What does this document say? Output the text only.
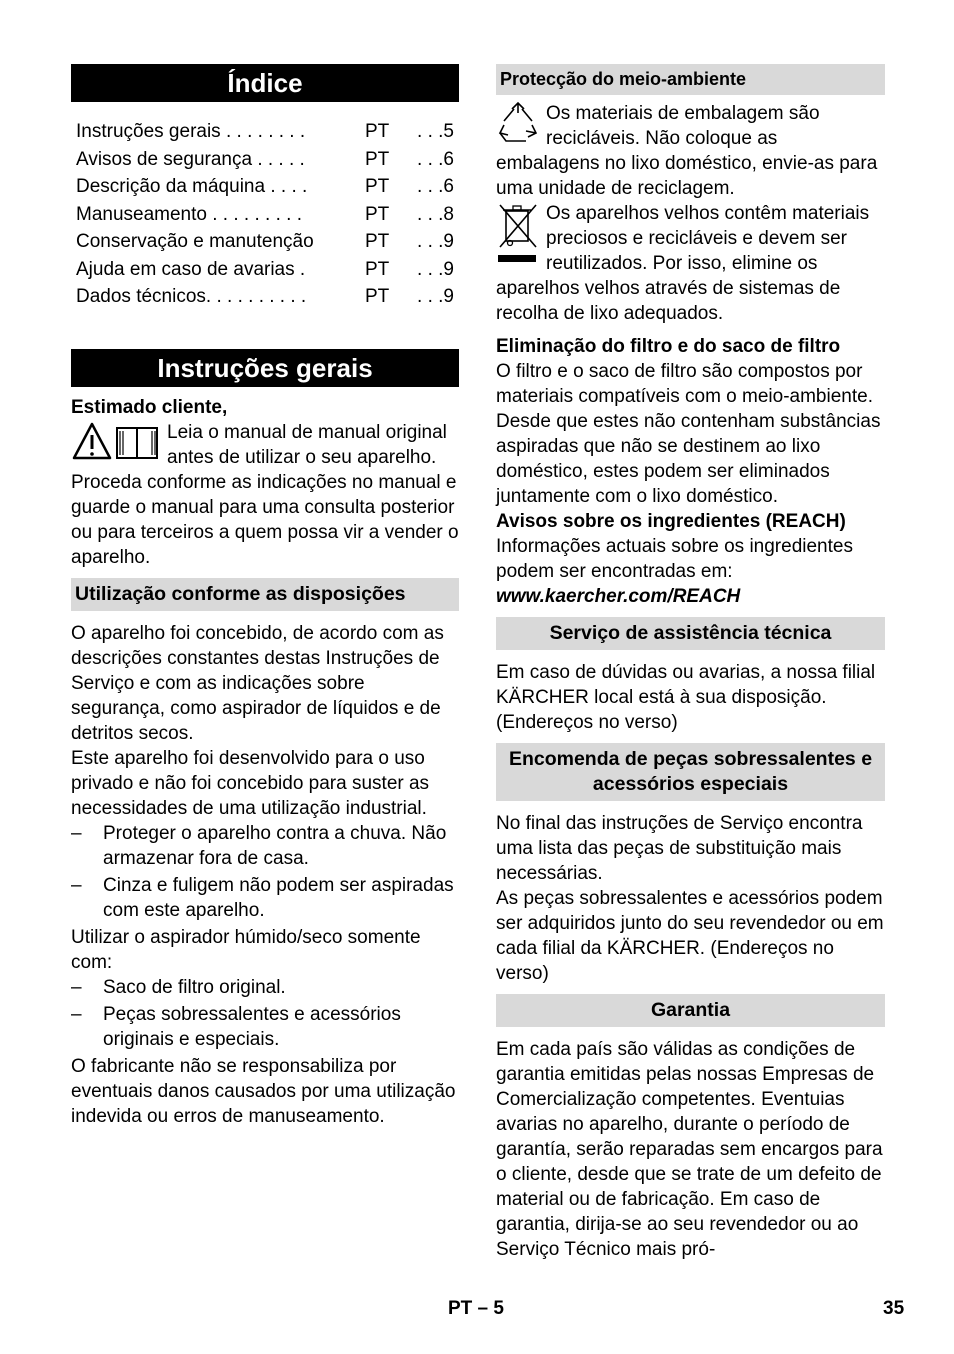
Índice
Instruções gerais . . . . . . . .	PT	. . .5
Avisos de segurança . . . . .	PT	. . .6
Descrição da máquina . . . .	PT	. . .6
Manuseamento . . . . . . . . .	PT	. . .8
Conservação e manutenção	PT	. . .9
Ajuda em caso de avarias .	PT	. . .9
Dados técnicos. . . . . . . . . .	PT	. . .9
Instruções gerais

Estimado cliente,

Leia o manual de manual original antes de utilizar o seu aparelho. Proceda conforme as indicações no manual e guarde o manual para uma consulta posterior ou para terceiros a quem possa vir a vender o aparelho.

Utilização conforme as disposições

O aparelho foi concebido, de acordo com as descrições constantes destas Instruções de Serviço e com as indicações sobre segurança, como aspirador de líquidos e de detritos secos.

Este aparelho foi desenvolvido para o uso privado e não foi concebido para suster as necessidades de uma utilização industrial.

– Proteger o aparelho contra a chuva. Não armazenar fora de casa.
– Cinza e fuligem não podem ser aspiradas com este aparelho.

Utilizar o aspirador húmido/seco somente com:

– Saco de filtro original.
– Peças sobressalentes e acessórios originais e especiais.

O fabricante não se responsabiliza por eventuais danos causados por uma utilização indevida ou erros de manuseamento.

Protecção do meio-ambiente

Os materiais de embalagem são recicláveis. Não coloque as embalagens no lixo doméstico, envie-as para uma unidade de reciclagem.

Os aparelhos velhos contêm materiais preciosos e recicláveis e devem ser reutilizados. Por isso, elimine os aparelhos velhos através de sistemas de recolha de lixo adequados.

Eliminação do filtro e do saco de filtro

O filtro e o saco de filtro são compostos por materiais compatíveis com o meio-ambiente.

Desde que estes não contenham substâncias aspiradas que não se destinem ao lixo doméstico, estes podem ser eliminados juntamente com o lixo doméstico.

Avisos sobre os ingredientes (REACH)

Informações actuais sobre os ingredientes podem ser encontradas em:

www.kaercher.com/REACH

Serviço de assistência técnica

Em caso de dúvidas ou avarias, a nossa filial KÄRCHER local está à sua disposição. (Endereços no verso)

Encomenda de peças sobressalentes e acessórios especiais

No final das instruções de Serviço encontra uma lista das peças de substituição mais necessárias.

As peças sobressalentes e acessórios podem ser adquiridos junto do seu revendedor ou em cada filial da KÄRCHER. (Endereços no verso)

Garantia

Em cada país são válidas as condições de garantia emitidas pelas nossas Empresas de Comercialização competentes. Eventuias avarias no aparelho, durante o período de garantía, serão reparadas sem encargos para o cliente, desde que se trate de um defeito de material ou de fabricação. Em caso de garantia, dirija-se ao seu revendedor ou ao Serviço Técnico mais pró-

PT – 5	35
